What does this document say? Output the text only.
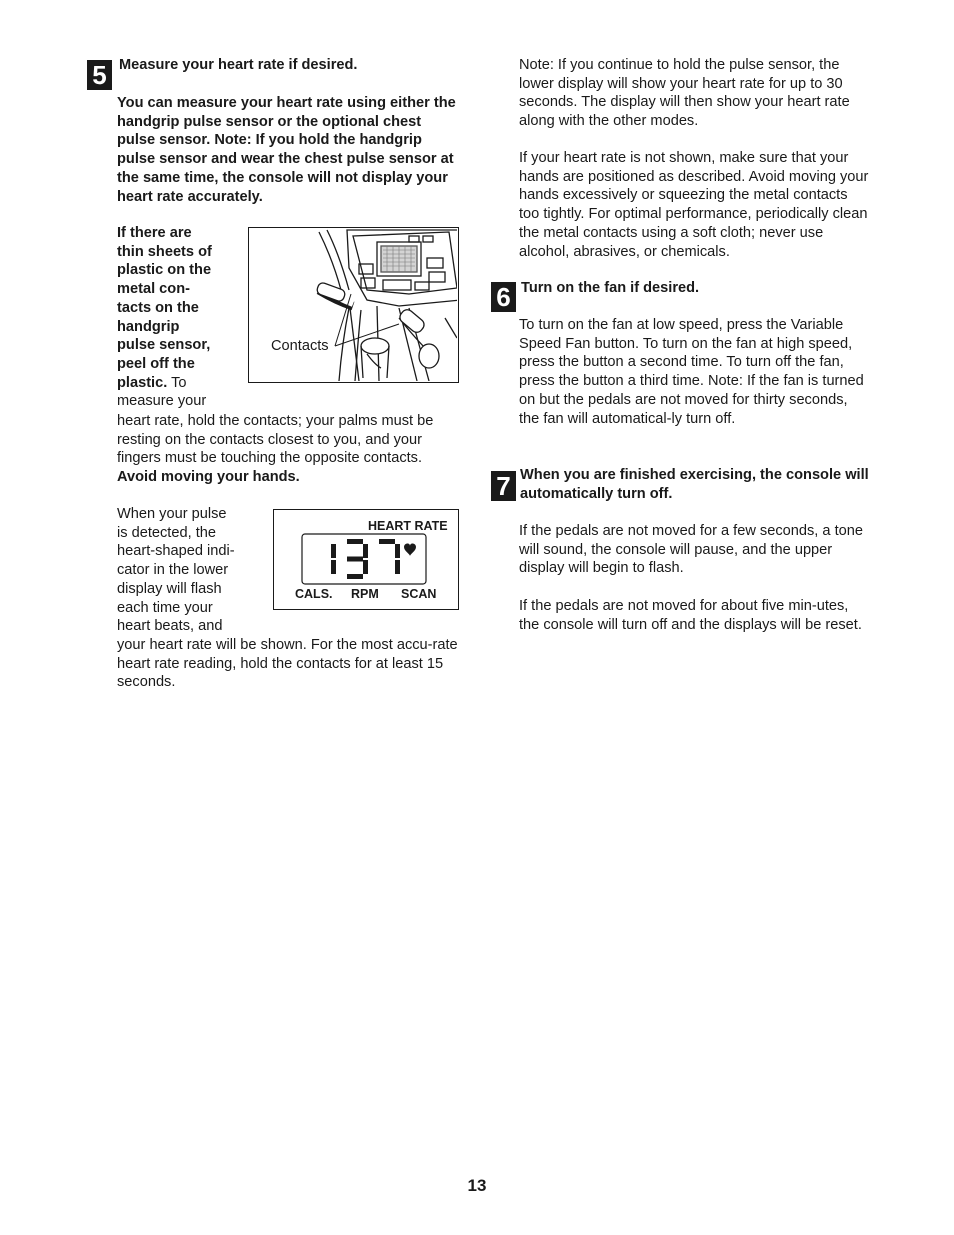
5 Measure your heart rate if desired.

You can measure your heart rate using either the handgrip pulse sensor or the optional chest pulse sensor. Note: If you hold the handgrip pulse sensor and wear the chest pulse sensor at the same time, the console will not display your heart rate accurately.

If there are
thin sheets of
plastic on the
metal con-
tacts on the
handgrip
pulse sensor,
peel off the
plastic. To
measure your

heart rate, hold the contacts; your palms must be resting on the contacts closest to you, and your fingers must be touching the opposite contacts.

Avoid moving your hands.

Contacts
When your pulse
is detected, the
heart-shaped indi-
cator in the lower
display will flash
each time your
heart beats, and

your heart rate will be shown. For the most accu-rate heart rate reading, hold the contacts for at least 15 seconds.

HEART RATE
CALS. RPM SCAN

Note: If you continue to hold the pulse sensor, the lower display will show your heart rate for up to 30 seconds. The display will then show your heart rate along with the other modes.

If your heart rate is not shown, make sure that your hands are positioned as described. Avoid moving your hands excessively or squeezing the metal contacts too tightly. For optimal performance, periodically clean the metal contacts using a soft cloth; never use alcohol, abrasives, or chemicals.

6 Turn on the fan if desired.

To turn on the fan at low speed, press the Variable Speed Fan button. To turn on the fan at high speed, press the button a second time. To turn off the fan, press the button a third time. Note: If the fan is turned on but the pedals are not moved for thirty seconds, the fan will automatical-ly turn off.

7 When you are finished exercising, the console will automatically turn off.

If the pedals are not moved for a few seconds, a tone will sound, the console will pause, and the upper display will begin to flash.

If the pedals are not moved for about five min-utes, the console will turn off and the displays will be reset.

13
